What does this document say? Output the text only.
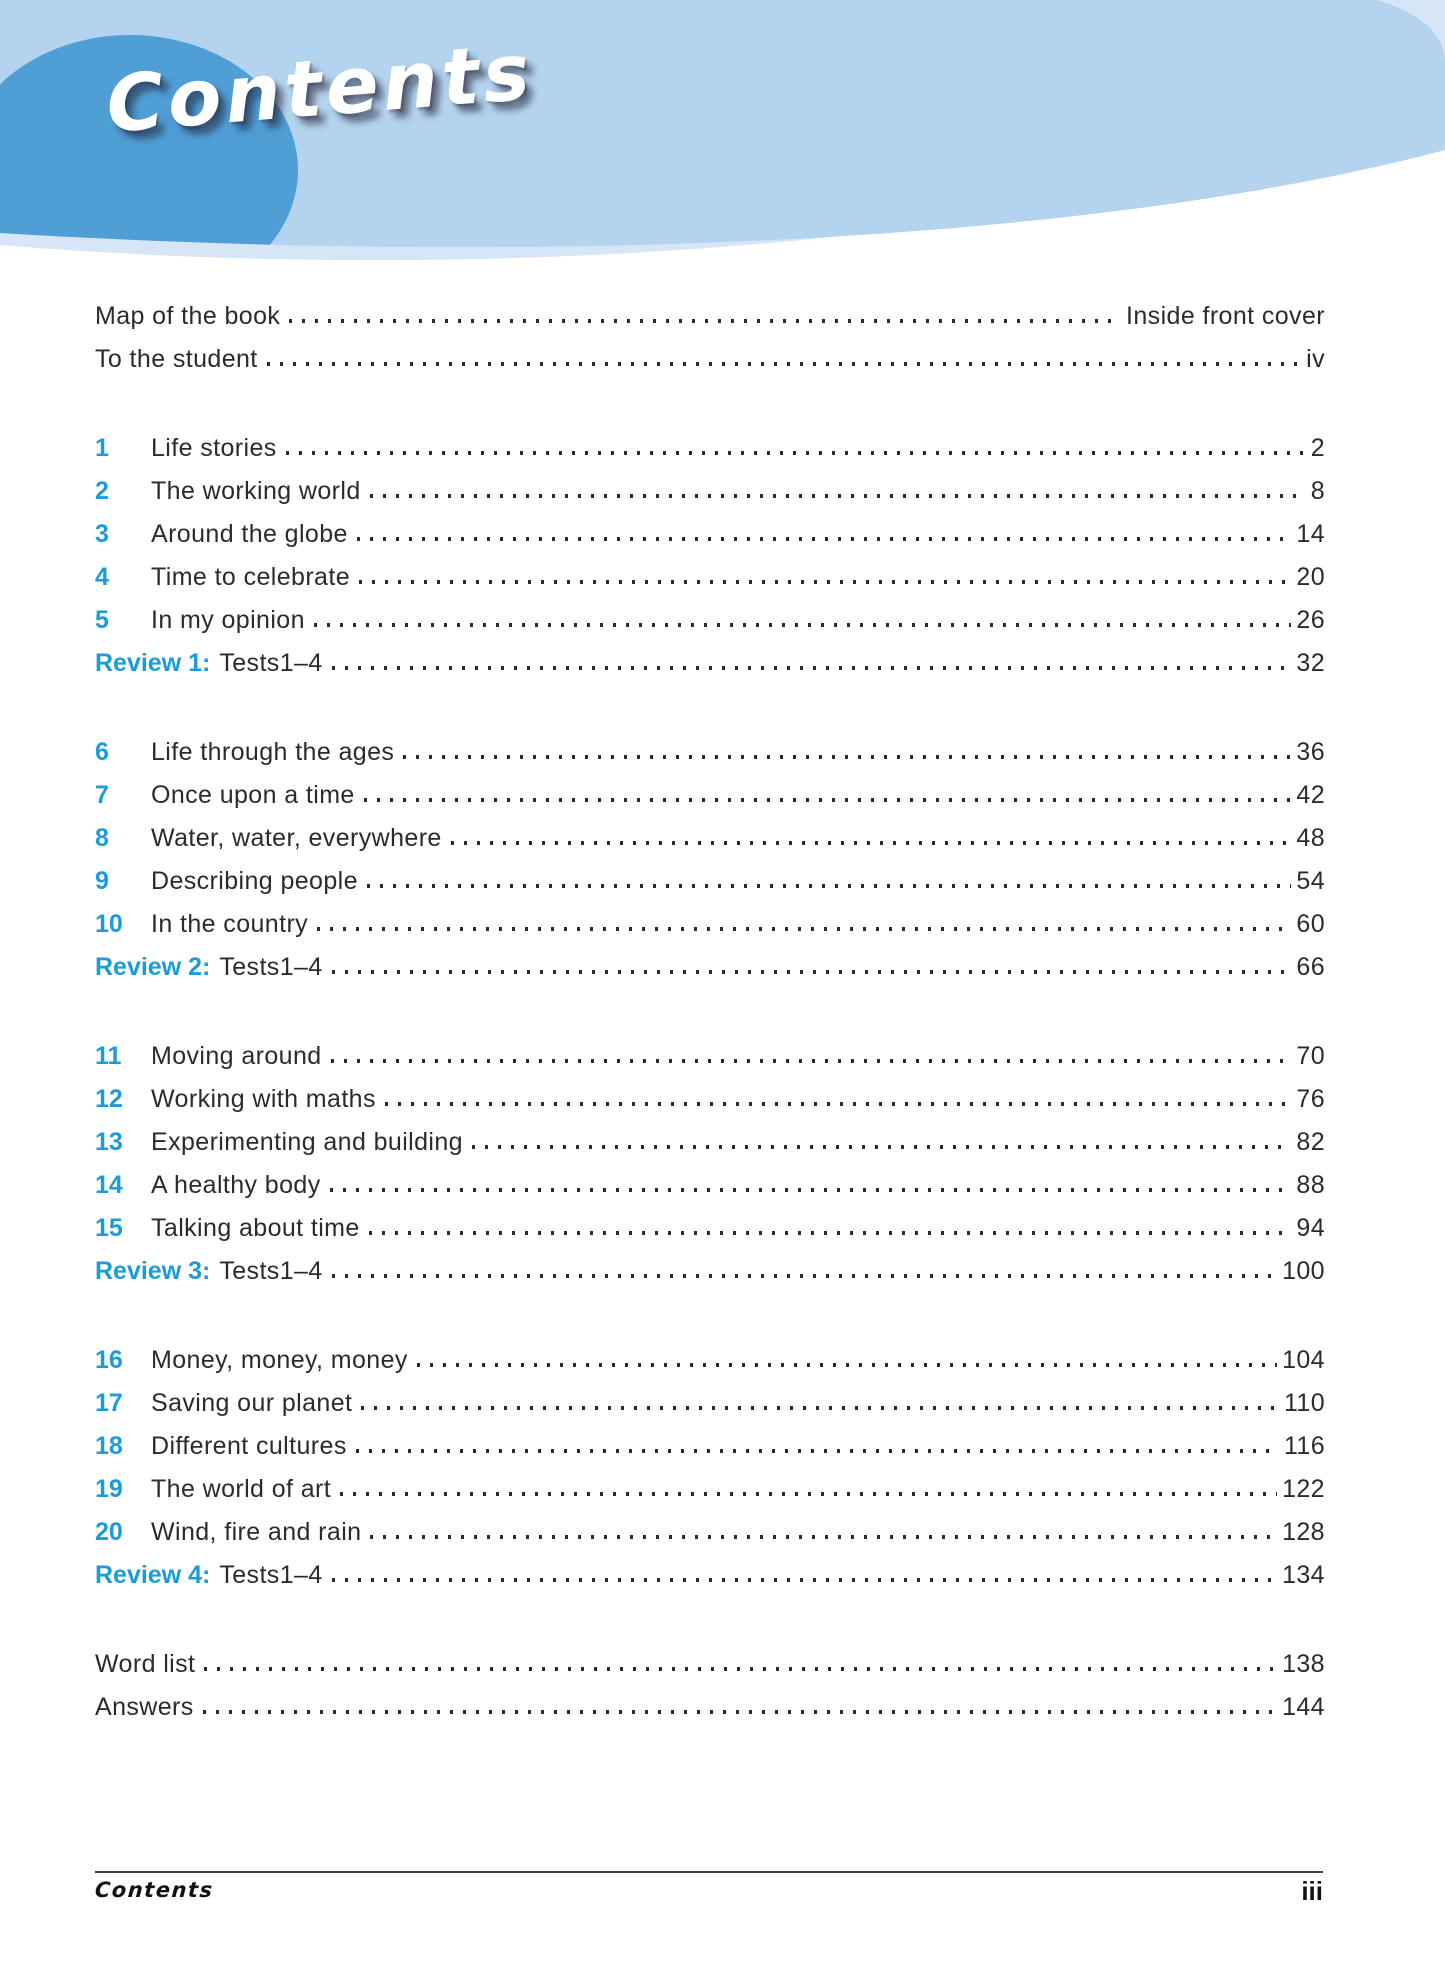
Contents
Map of the book	Inside front cover
To the student	iv
1	Life stories	2
2	The working world	8
3	Around the globe	14
4	Time to celebrate	20
5	In my opinion	26
Review 1: Tests1–4	32
6	Life through the ages	36
7	Once upon a time	42
8	Water, water, everywhere	48
9	Describing people	54
10	In the country	60
Review 2: Tests1–4	66
11	Moving around	70
12	Working with maths	76
13	Experimenting and building	82
14	A healthy body	88
15	Talking about time	94
Review 3: Tests1–4	100
16	Money, money, money	104
17	Saving our planet	110
18	Different cultures	116
19	The world of art	122
20	Wind, fire and rain	128
Review 4: Tests1–4	134
Word list	138
Answers	144
Contents	iii
